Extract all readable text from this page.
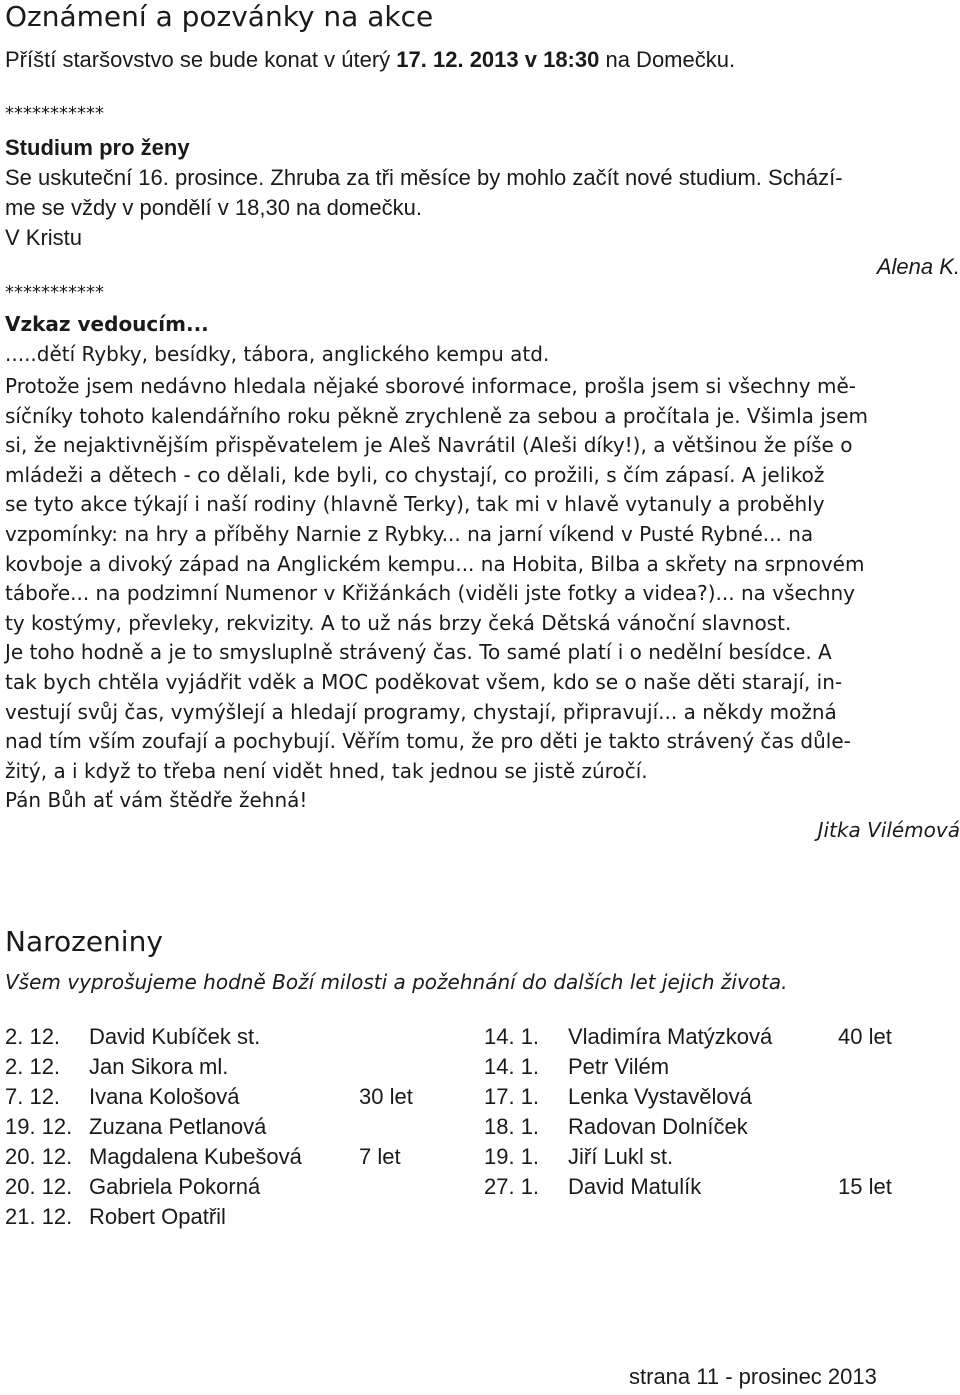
Oznámení a pozvánky na akce
Příští staršovstvo se bude konat v úterý 17. 12. 2013 v 18:30 na Domečku.
***********
Studium pro ženy
Se uskuteční 16. prosince. Zhruba za tři měsíce by mohlo začít nové studium. Schází-
me se vždy v pondělí v 18,30 na domečku.
V Kristu
Alena K.
***********
Vzkaz vedoucím...
.....dětí Rybky, besídky, tábora, anglického kempu atd.
Protože jsem nedávno hledala nějaké sborové informace, prošla jsem si všechny mě-
síčníky tohoto kalendářního roku pěkně zrychleně za sebou a pročítala je. Všimla jsem
si, že nejaktivnějším přispěvatelem je Aleš Navrátil (Aleši díky!), a většinou že píše o
mládeži a dětech - co dělali, kde byli, co chystají, co prožili, s čím zápasí. A jelikož
se tyto akce týkají i naší rodiny (hlavně Terky), tak mi v hlavě vytanuly a proběhly
vzpomínky: na hry a příběhy Narnie z Rybky... na jarní víkend v Pusté Rybné... na
kovboje a divoký západ na Anglickém kempu... na Hobita, Bilba a skřety na srpnovém
táboře... na podzimní Numenor v Křižánkách (viděli jste fotky a videa?)... na všechny
ty kostýmy, převleky, rekvizity. A to už nás brzy čeká Dětská vánoční slavnost.
Je toho hodně a je to smysluplně strávený čas. To samé platí i o nedělní besídce. A
tak bych chtěla vyjádřit vděk a MOC poděkovat všem, kdo se o naše děti starají, in-
vestují svůj čas, vymýšlejí a hledají programy, chystají, připravují... a někdy možná
nad tím vším zoufají a pochybují. Věřím tomu, že pro děti je takto strávený čas důle-
žitý, a i když to třeba není vidět hned, tak jednou se jistě zúročí.
Pán Bůh ať vám štědře žehná!
Jitka Vilémová
Narozeniny
Všem vyprošujeme hodně Boží milosti a požehnání do dalších let jejich života.
2. 12. David Kubíček st.
2. 12. Jan Sikora ml.
7. 12. Ivana Kološová	30 let
19. 12. Zuzana Petlanová
20. 12. Magdalena Kubešová	7 let
20. 12. Gabriela Pokorná
21. 12. Robert Opatřil
14. 1. Vladimíra Matýzková	40 let
14. 1. Petr Vilém
17. 1. Lenka Vystavělová
18. 1. Radovan Dolníček
19. 1. Jiří Lukl st.
27. 1. David Matulík	15 let
strana 11 - prosinec 2013
